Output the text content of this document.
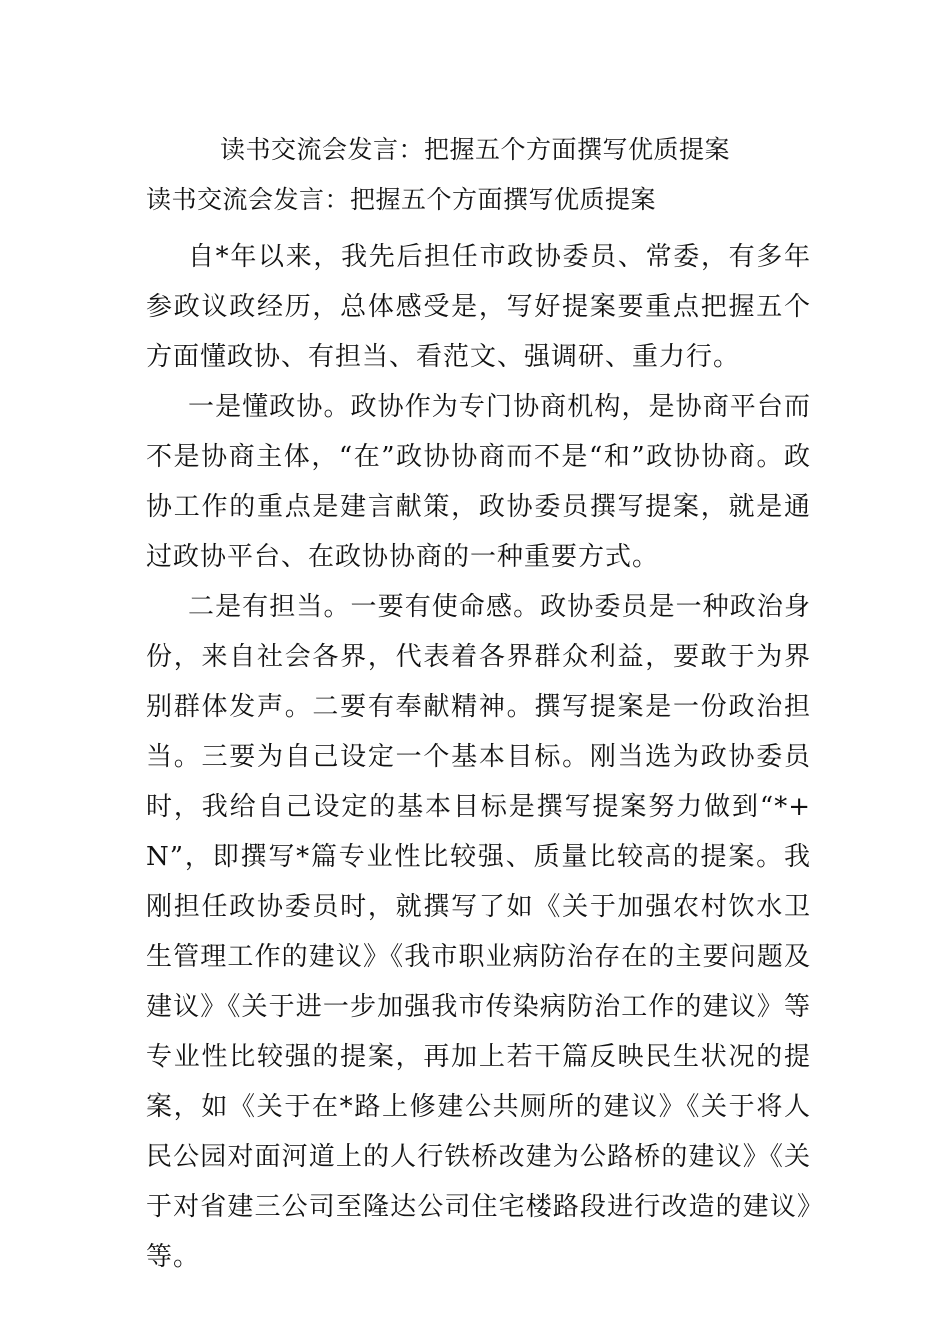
读书交流会发言：把握五个方面撰写优质提案

读书交流会发言：把握五个方面撰写优质提案

自*年以来，我先后担任市政协委员、常委，有多年参政议政经历，总体感受是，写好提案要重点把握五个方面懂政协、有担当、看范文、强调研、重力行。

一是懂政协。政协作为专门协商机构，是协商平台而不是协商主体，“在”政协协商而不是“和”政协协商。政协工作的重点是建言献策，政协委员撰写提案，就是通过政协平台、在政协协商的一种重要方式。

二是有担当。一要有使命感。政协委员是一种政治身份，来自社会各界，代表着各界群众利益，要敢于为界别群体发声。二要有奉献精神。撰写提案是一份政治担当。三要为自己设定一个基本目标。刚当选为政协委员时，我给自己设定的基本目标是撰写提案努力做到“*+N”，即撰写*篇专业性比较强、质量比较高的提案。我刚担任政协委员时，就撰写了如《关于加强农村饮水卫生管理工作的建议》《我市职业病防治存在的主要问题及建议》《关于进一步加强我市传染病防治工作的建议》等专业性比较强的提案，再加上若干篇反映民生状况的提案，如《关于在*路上修建公共厕所的建议》《关于将人民公园对面河道上的人行铁桥改建为公路桥的建议》《关于对省建三公司至隆达公司住宅楼路段进行改造的建议》等。
